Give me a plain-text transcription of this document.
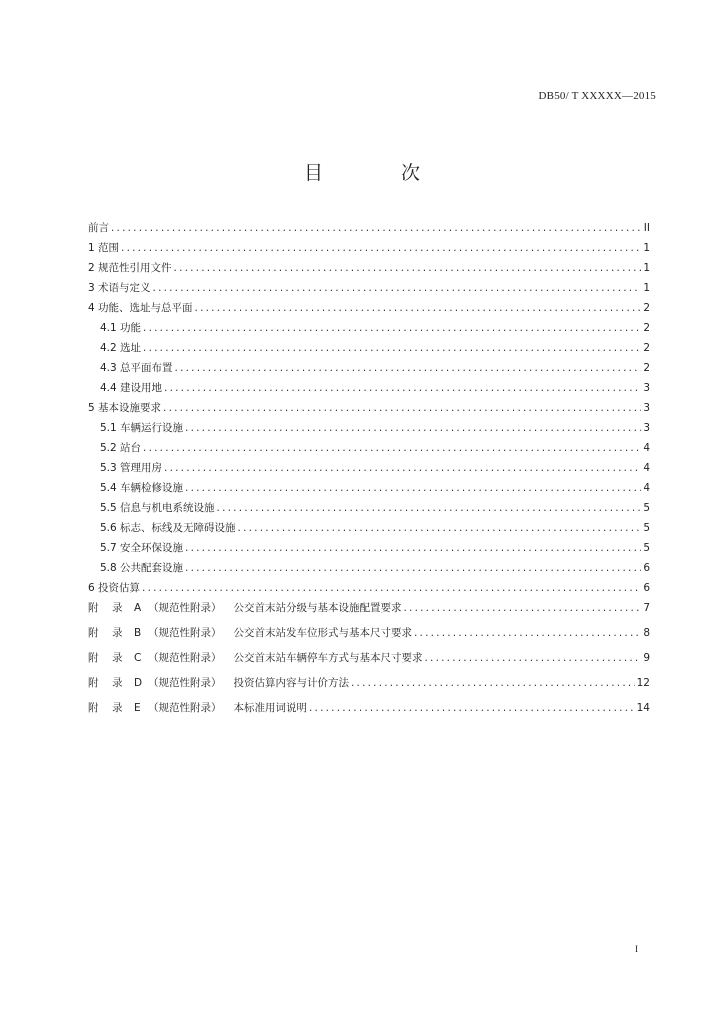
DB50/ T XXXXX—2015
目 次
前言 .....	II
1 范围 .....	1
2 规范性引用文件 .....	1
3 术语与定义 .....	1
4 功能、选址与总平面 .....	2
4.1 功能 .....	2
4.2 选址 .....	2
4.3 总平面布置 .....	2
4.4 建设用地 .....	3
5 基本设施要求 .....	3
5.1 车辆运行设施 .....	3
5.2 站台 .....	4
5.3 管理用房 .....	4
5.4 车辆检修设施 .....	4
5.5 信息与机电系统设施 .....	5
5.6 标志、标线及无障碍设施 .....	5
5.7 安全环保设施 .....	5
5.8 公共配套设施 .....	6
6 投资估算 .....	6
附 录 A （规范性附录） 公交首末站分级与基本设施配置要求 .....	7
附 录 B （规范性附录） 公交首末站发车位形式与基本尺寸要求 .....	8
附 录 C （规范性附录） 公交首末站车辆停车方式与基本尺寸要求 .....	9
附 录 D （规范性附录） 投资估算内容与计价方法 .....	12
附 录 E （规范性附录） 本标准用词说明 .....	14
I
